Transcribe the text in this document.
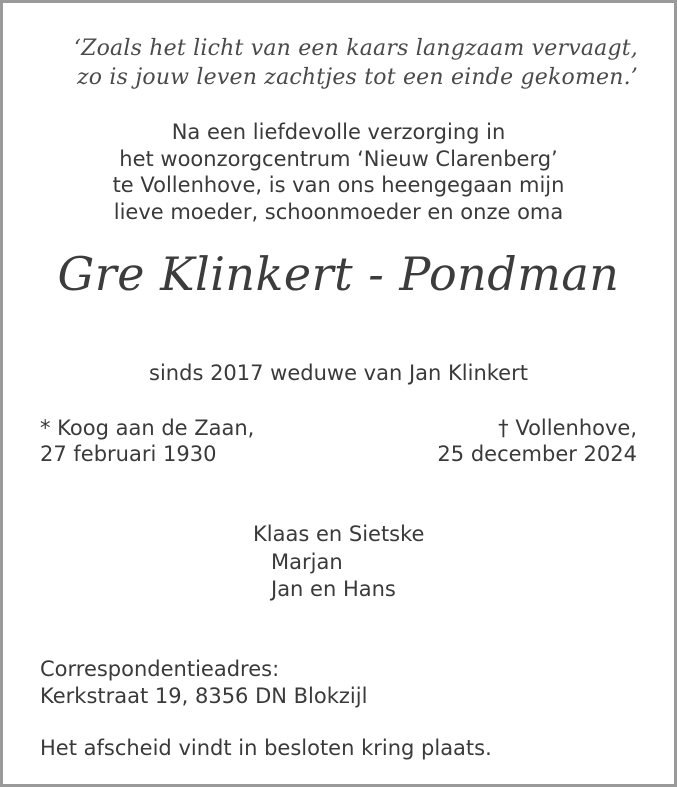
‘Zoals het licht van een kaars langzaam vervaagt,
zo is jouw leven zachtjes tot een einde gekomen.’
Na een liefdevolle verzorging in
het woonzorgcentrum ‘Nieuw Clarenberg’
te Vollenhove, is van ons heengegaan mijn
lieve moeder, schoonmoeder en onze oma
Gre Klinkert - Pondman
sinds 2017 weduwe van Jan Klinkert
* Koog aan de Zaan,
27 februari 1930
† Vollenhove,
25 december 2024
Klaas en Sietske
Marjan
Jan en Hans
Correspondentieadres:
Kerkstraat 19, 8356 DN Blokzijl
Het afscheid vindt in besloten kring plaats.
